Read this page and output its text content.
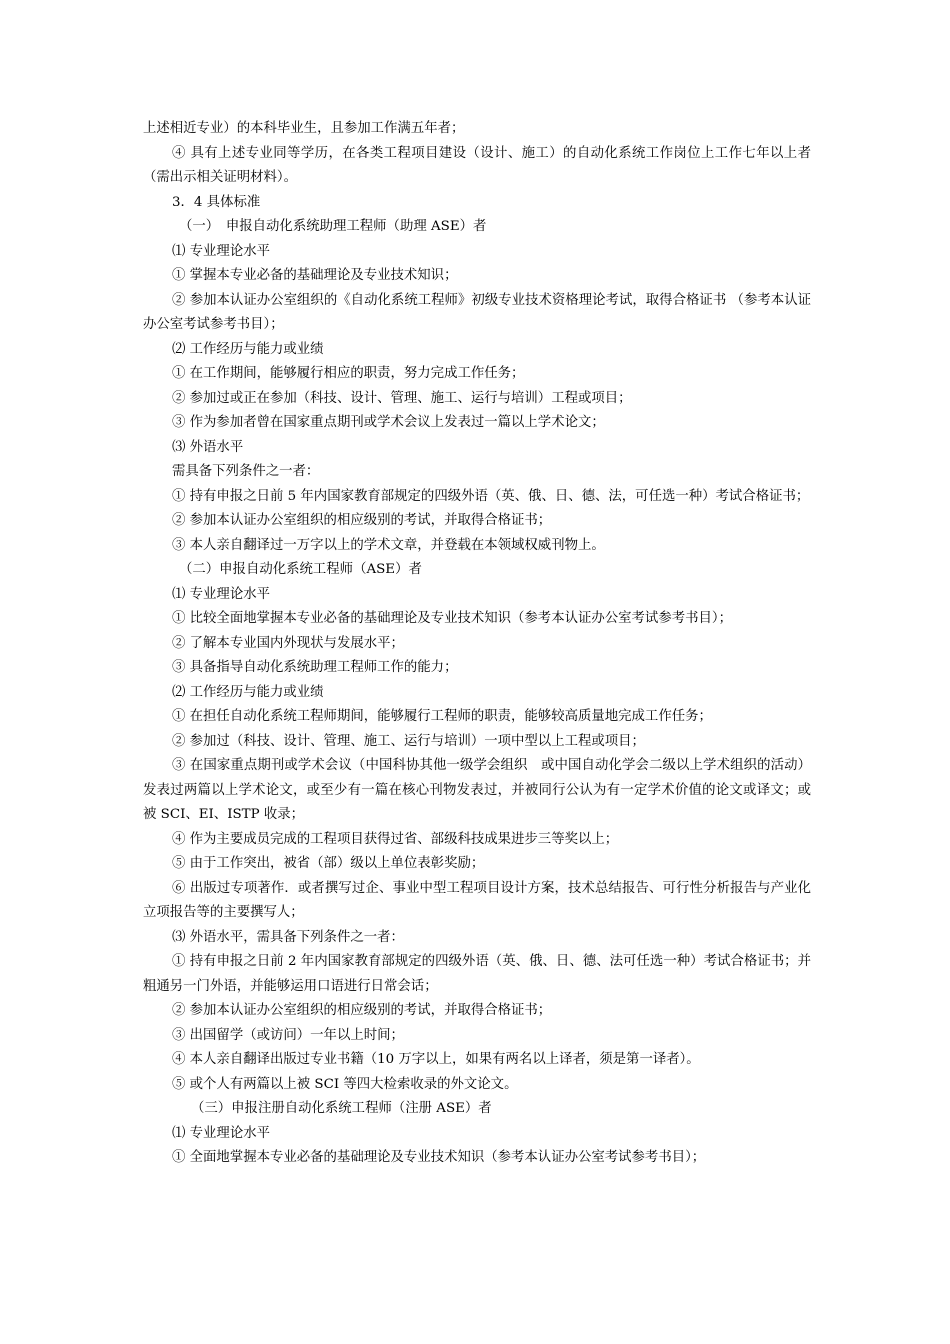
上述相近专业）的本科毕业生，且参加工作满五年者；

④ 具有上述专业同等学历，在各类工程项目建设（设计、施工）的自动化系统工作岗位上工作七年以上者（需出示相关证明材料）。

3．4 具体标准

（一）　申报自动化系统助理工程师（助理 ASE）者

⑴ 专业理论水平

① 掌握本专业必备的基础理论及专业技术知识；

② 参加本认证办公室组织的《自动化系统工程师》初级专业技术资格理论考试，取得合格证书 （参考本认证办公室考试参考书目）；

⑵ 工作经历与能力或业绩

① 在工作期间，能够履行相应的职责，努力完成工作任务；

② 参加过或正在参加（科技、设计、管理、施工、运行与培训）工程或项目；

③ 作为参加者曾在国家重点期刊或学术会议上发表过一篇以上学术论文；

⑶ 外语水平

需具备下列条件之一者：

① 持有申报之日前 5 年内国家教育部规定的四级外语（英、俄、日、德、法，可任选一种）考试合格证书；

② 参加本认证办公室组织的相应级别的考试，并取得合格证书；

③ 本人亲自翻译过一万字以上的学术文章，并登载在本领域权威刊物上。

（二）申报自动化系统工程师（ASE）者

⑴ 专业理论水平

① 比较全面地掌握本专业必备的基础理论及专业技术知识（参考本认证办公室考试参考书目）；

② 了解本专业国内外现状与发展水平；

③ 具备指导自动化系统助理工程师工作的能力；

⑵ 工作经历与能力或业绩

① 在担任自动化系统工程师期间，能够履行工程师的职责，能够较高质量地完成工作任务；

② 参加过（科技、设计、管理、施工、运行与培训）一项中型以上工程或项目；

③ 在国家重点期刊或学术会议（中国科协其他一级学会组织　或中国自动化学会二级以上学术组织的活动）发表过两篇以上学术论文，或至少有一篇在核心刊物发表过，并被同行公认为有一定学术价值的论文或译文；或被 SCI、EI、ISTP 收录；

④ 作为主要成员完成的工程项目获得过省、部级科技成果进步三等奖以上；

⑤ 由于工作突出，被省（部）级以上单位表彰奖励；

⑥ 出版过专项著作．或者撰写过企、事业中型工程项目设计方案，技术总结报告、可行性分析报告与产业化立项报告等的主要撰写人；

⑶ 外语水平，需具备下列条件之一者：

① 持有申报之日前 2 年内国家教育部规定的四级外语（英、俄、日、德、法可任选一种）考试合格证书；并粗通另一门外语，并能够运用口语进行日常会话；

② 参加本认证办公室组织的相应级别的考试，并取得合格证书；

③ 出国留学（或访问）一年以上时间；

④ 本人亲自翻译出版过专业书籍（10 万字以上，如果有两名以上译者，须是第一译者）。

⑤ 或个人有两篇以上被 SCI 等四大检索收录的外文论文。

（三）申报注册自动化系统工程师（注册 ASE）者

⑴ 专业理论水平

① 全面地掌握本专业必备的基础理论及专业技术知识（参考本认证办公室考试参考书目）；
